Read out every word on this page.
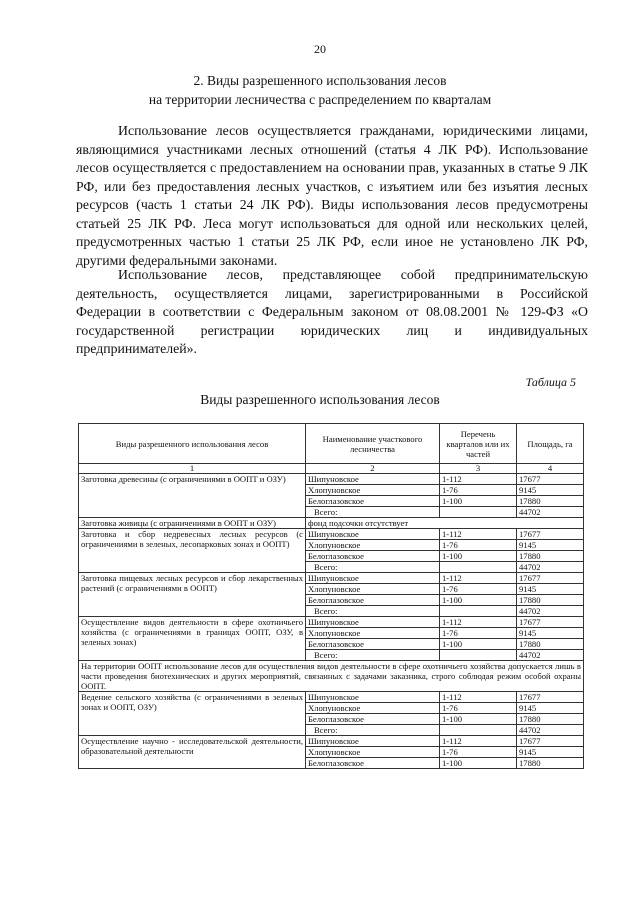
20
2. Виды разрешенного использования лесов
на территории лесничества с распределением по кварталам

Использование лесов осуществляется гражданами, юридическими лицами, являющимися участниками лесных отношений (статья 4 ЛК РФ). Использование лесов осуществляется с предоставлением на основании прав, указанных в статье 9 ЛК РФ, или без предоставления лесных участков, с изъятием или без изъятия лесных ресурсов (часть 1 статьи 24 ЛК РФ). Виды использования лесов предусмотрены статьей 25 ЛК РФ. Леса могут использоваться для одной или нескольких целей, предусмотренных частью 1 статьи 25 ЛК РФ, если иное не установлено ЛК РФ, другими федеральными законами.

Использование лесов, представляющее собой предпринимательскую деятельность, осуществляется лицами, зарегистрированными в Российской Федерации в соответствии с Федеральным законом от 08.08.2001 № 129-ФЗ «О государственной регистрации юридических лиц и индивидуальных предпринимателей».

Таблица 5
Виды разрешенного использования лесов
Виды разрешенного использования лесов	Наименование участкового лесничества	Перечень кварталов или их частей	Площадь, га
1	2	3	4
Заготовка древесины (с ограничениями в ООПТ и ОЗУ)	Шипуновское	1-112	17677
	Хлопуновское	1-76	9145
	Белоглазовское	1-100	17880
	Всего:		44702
Заготовка живицы (с ограничениями в ООПТ и ОЗУ)	фонд подсочки отсутствует		
Заготовка и сбор недревесных лесных ресурсов (с ограничениями в зеленых, лесопарковых зонах и ООПТ)	Шипуновское	1-112	17677
	Хлопуновское	1-76	9145
	Белоглазовское	1-100	17880
	Всего:		44702
Заготовка пищевых лесных ресурсов и сбор лекарственных растений (с ограничениями в ООПТ)	Шипуновское	1-112	17677
	Хлопуновское	1-76	9145
	Белоглазовское	1-100	17880
	Всего:		44702
Осуществление видов деятельности в сфере охотничьего хозяйства (с ограничениями в границах ООПТ, ОЗУ, в зеленых зонах)	Шипуновское	1-112	17677
	Хлопуновское	1-76	9145
	Белоглазовское	1-100	17880
	Всего:		44702
На территории ООПТ использование лесов для осуществления видов деятельности в сфере охотничьего хозяйства допускается лишь в части проведения биотехнических и других мероприятий, связанных с задачами заказника, строго соблюдая режим особой охраны ООПТ.			
Ведение сельского хозяйства (с ограничениями в зеленых зонах и ООПТ, ОЗУ)	Шипуновское	1-112	17677
	Хлопуновское	1-76	9145
	Белоглазовское	1-100	17880
	Всего:		44702
Осуществление научно - исследовательской деятельности, образовательной деятельности	Шипуновское	1-112	17677
	Хлопуновское	1-76	9145
	Белоглазовское	1-100	17880
